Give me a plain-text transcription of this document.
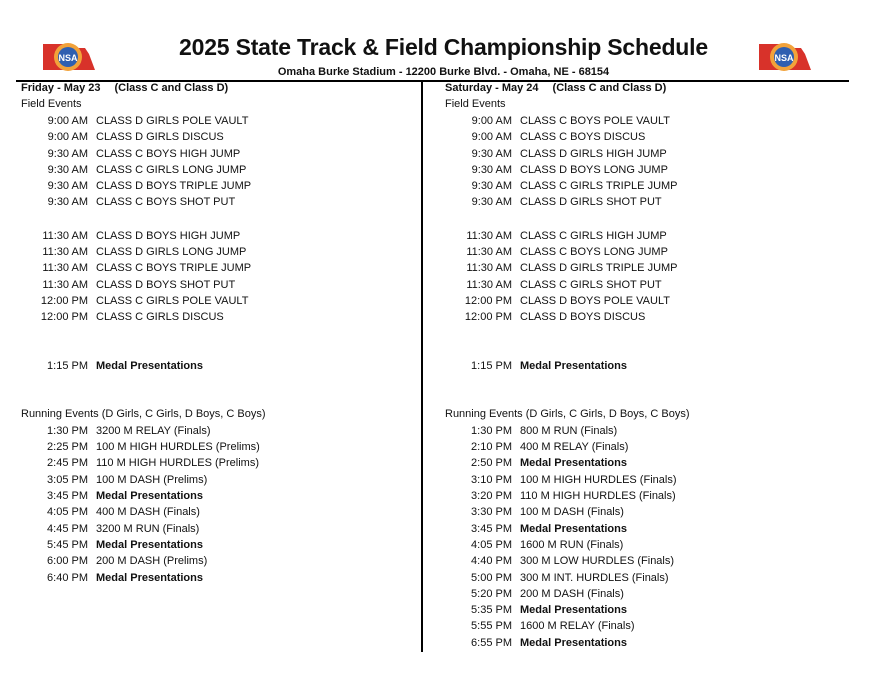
NSA	NSA
2025 State Track & Field Championship Schedule
Omaha Burke Stadium - 12200 Burke Blvd. - Omaha, NE - 68154
Friday - May 23 (Class C and Class D)
Field Events
9:00 AM CLASS D GIRLS POLE VAULT
9:00 AM CLASS D GIRLS DISCUS
9:30 AM CLASS C BOYS HIGH JUMP
9:30 AM CLASS C GIRLS LONG JUMP
9:30 AM CLASS D BOYS TRIPLE JUMP
9:30 AM CLASS C BOYS SHOT PUT
11:30 AM CLASS D BOYS HIGH JUMP
11:30 AM CLASS D GIRLS LONG JUMP
11:30 AM CLASS C BOYS TRIPLE JUMP
11:30 AM CLASS D BOYS SHOT PUT
12:00 PM CLASS C GIRLS POLE VAULT
12:00 PM CLASS C GIRLS DISCUS
1:15 PM Medal Presentations
Running Events (D Girls, C Girls, D Boys, C Boys)
1:30 PM 3200 M RELAY (Finals)
2:25 PM 100 M HIGH HURDLES (Prelims)
2:45 PM 110 M HIGH HURDLES (Prelims)
3:05 PM 100 M DASH (Prelims)
3:45 PM Medal Presentations
4:05 PM 400 M DASH (Finals)
4:45 PM 3200 M RUN (Finals)
5:45 PM Medal Presentations
6:00 PM 200 M DASH (Prelims)
6:40 PM Medal Presentations
Saturday - May 24 (Class C and Class D)
Field Events
9:00 AM CLASS C BOYS POLE VAULT
9:00 AM CLASS C BOYS DISCUS
9:30 AM CLASS D GIRLS HIGH JUMP
9:30 AM CLASS D BOYS LONG JUMP
9:30 AM CLASS C GIRLS TRIPLE JUMP
9:30 AM CLASS D GIRLS SHOT PUT
11:30 AM CLASS C GIRLS HIGH JUMP
11:30 AM CLASS C BOYS LONG JUMP
11:30 AM CLASS D GIRLS TRIPLE JUMP
11:30 AM CLASS C GIRLS SHOT PUT
12:00 PM CLASS D BOYS POLE VAULT
12:00 PM CLASS D BOYS DISCUS
1:15 PM Medal Presentations
Running Events (D Girls, C Girls, D Boys, C Boys)
1:30 PM 800 M RUN (Finals)
2:10 PM 400 M RELAY (Finals)
2:50 PM Medal Presentations
3:10 PM 100 M HIGH HURDLES (Finals)
3:20 PM 110 M HIGH HURDLES (Finals)
3:30 PM 100 M DASH (Finals)
3:45 PM Medal Presentations
4:05 PM 1600 M RUN (Finals)
4:40 PM 300 M LOW HURDLES (Finals)
5:00 PM 300 M INT. HURDLES (Finals)
5:20 PM 200 M DASH (Finals)
5:35 PM Medal Presentations
5:55 PM 1600 M RELAY (Finals)
6:55 PM Medal Presentations
